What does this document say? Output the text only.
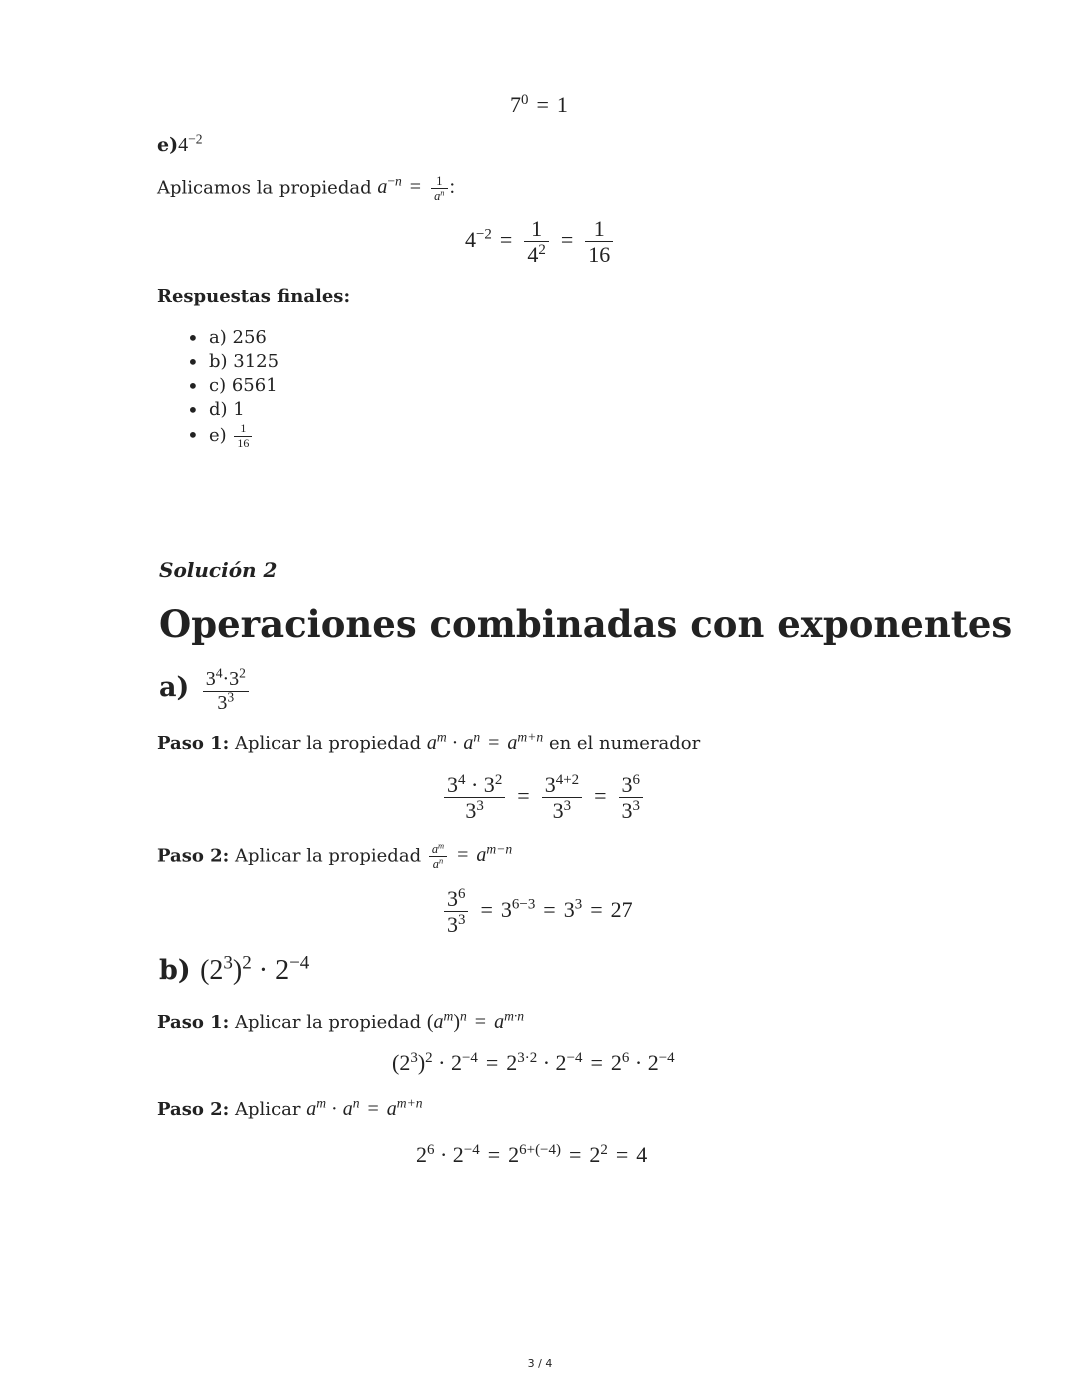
$7^0 = 1$
$e)4^{-2}$
Aplicamos la propiedad $a^{-n} = \frac{1}{a^n}$ :
$4^{-2} = \frac{1}{4^2} = \frac{1}{16}$
Respuestas finales:
• a) 256
• b) 3125
• c) 6561
• d) 1
• $e) \frac{1}{16}$
Solución 2
Operaciones combinadas con exponentes
$a) \frac{3^4\cdot 3^2}{3^3}$
Paso 1: Aplicar la propiedad $a^m \cdot a^n = a^{m+n}$ en el numerador
$\frac{3^4 \cdot 3^2}{3^3} = \frac{3^{4+2}}{3^3} = \frac{3^6}{3^3}$
Paso 2: Aplicar la propiedad $\frac{a^m}{a^n} = a^{m-n}$
$\frac{3^6}{3^3} = 3^{6-3} = 3^3 = 27$
b) $(2^3)^2 \cdot 2^{-4}$
Paso 1: Aplicar la propiedad $(a^m)^n = a^{m\cdot n}$
$(2^3)^2 \cdot 2^{-4} = 2^{3\cdot 2} \cdot 2^{-4} = 2^6 \cdot 2^{-4}$
Paso 2: Aplicar $a^m \cdot a^n = a^{m+n}$
$2^6 \cdot 2^{-4} = 2^{6+(-4)} = 2^2 = 4$
3 / 4
